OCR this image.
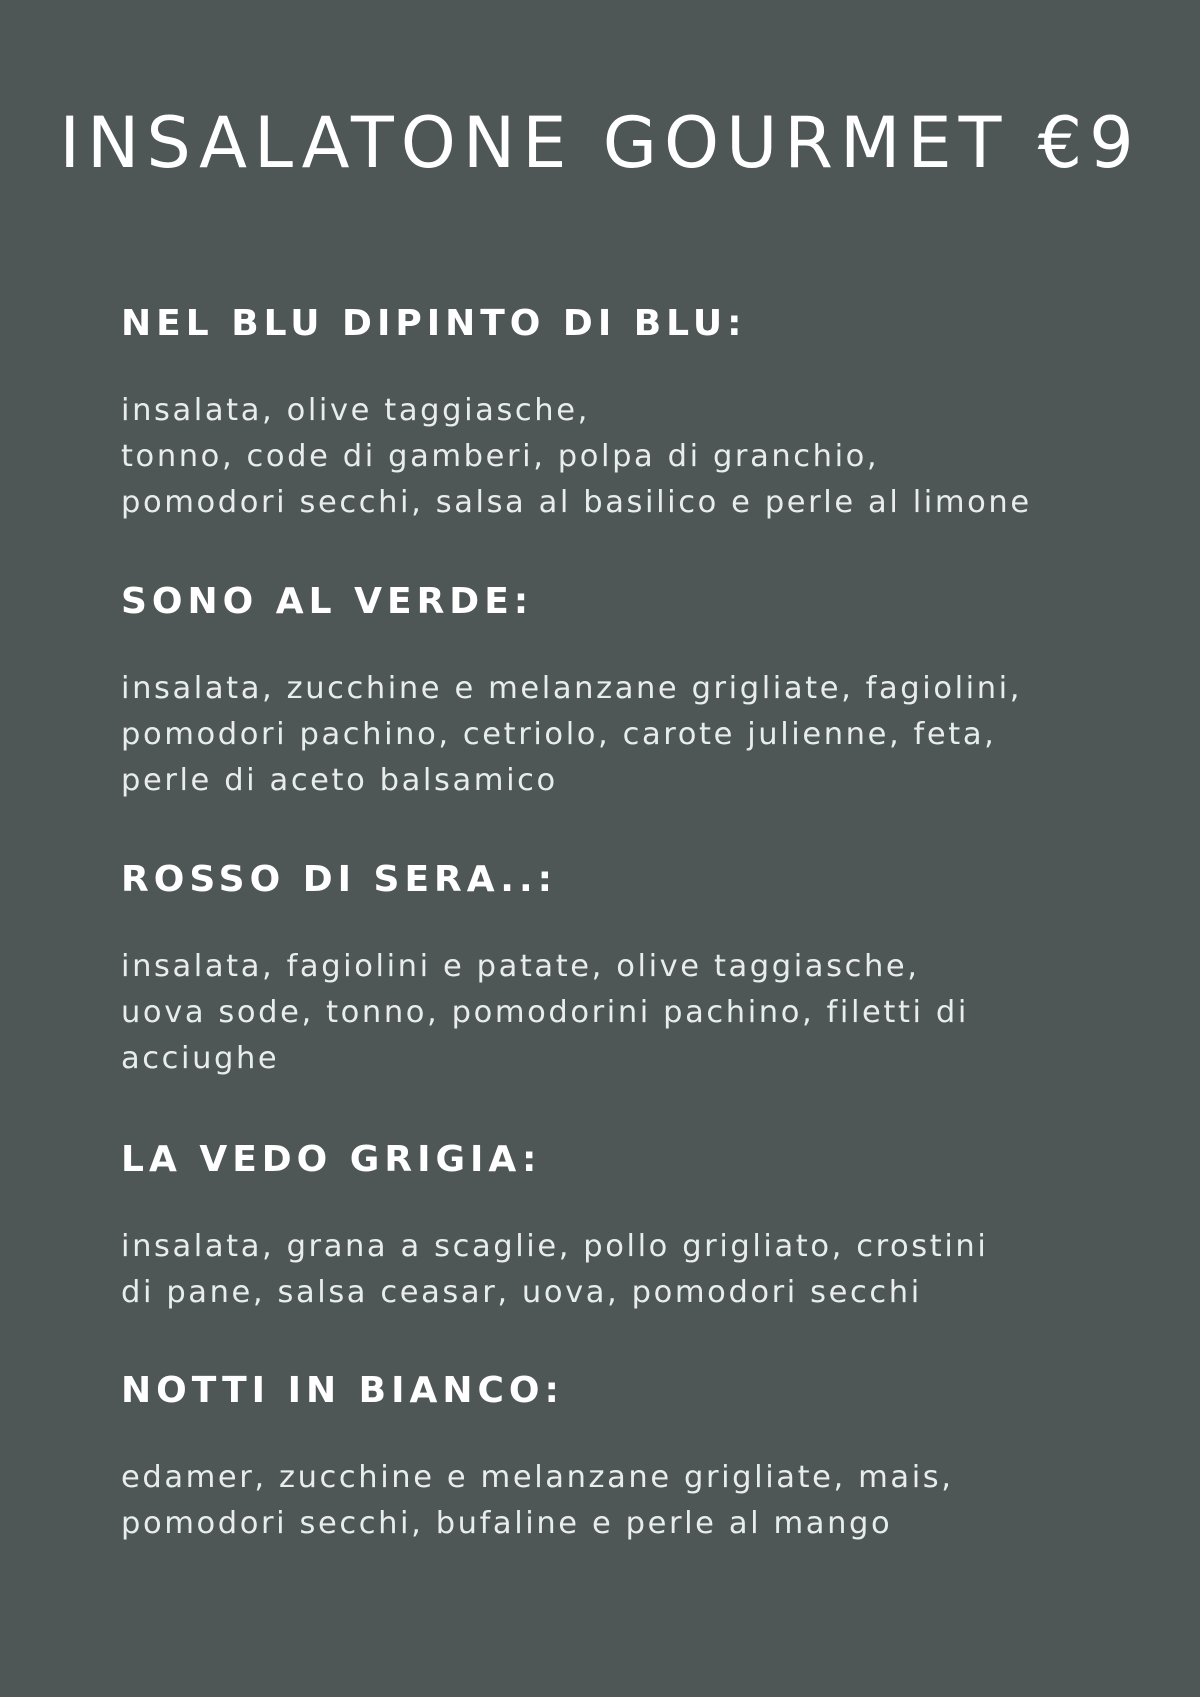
INSALATONE GOURMET €9
NEL BLU DIPINTO DI BLU:

insalata, olive taggiasche,
tonno, code di gamberi, polpa di granchio,
pomodori secchi, salsa al basilico e perle al limone

SONO AL VERDE:

insalata, zucchine e melanzane grigliate, fagiolini,
pomodori pachino, cetriolo, carote julienne, feta,
perle di aceto balsamico

ROSSO DI SERA..:

insalata, fagiolini e patate, olive taggiasche,
uova sode, tonno, pomodorini pachino, filetti di
acciughe

LA VEDO GRIGIA:

insalata, grana a scaglie, pollo grigliato, crostini
di pane, salsa ceasar, uova, pomodori secchi

NOTTI IN BIANCO:

edamer, zucchine e melanzane grigliate, mais,
pomodori secchi, bufaline e perle al mango
